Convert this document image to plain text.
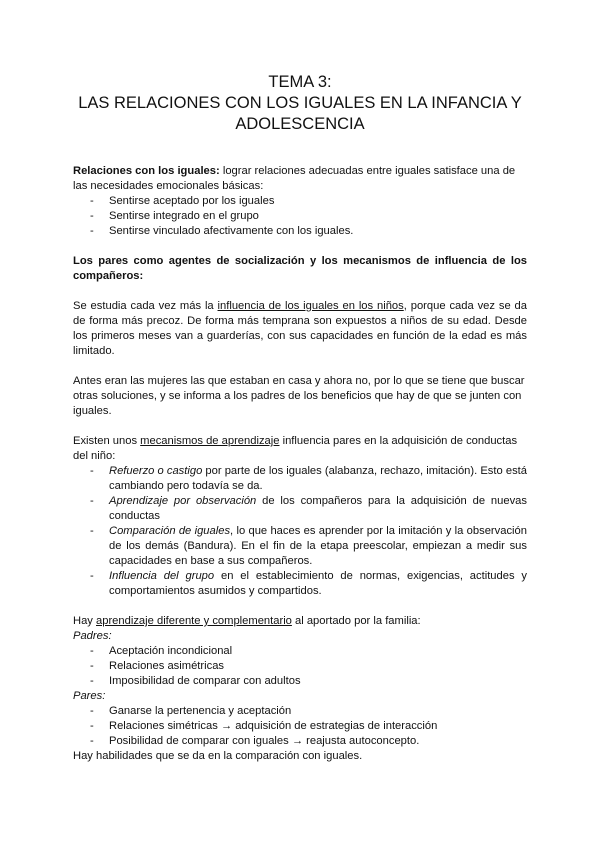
TEMA 3:
LAS RELACIONES CON LOS IGUALES EN LA INFANCIA Y
ADOLESCENCIA

Relaciones con los iguales: lograr relaciones adecuadas entre iguales satisface una de las necesidades emocionales básicas:

- Sentirse aceptado por los iguales
- Sentirse integrado en el grupo
- Sentirse vinculado afectivamente con los iguales.

Los pares como agentes de socialización y los mecanismos de influencia de los compañeros:

Se estudia cada vez más la influencia de los iguales en los niños, porque cada vez se da de forma más precoz. De forma más temprana son expuestos a niños de su edad. Desde los primeros meses van a guarderías, con sus capacidades en función de la edad es más limitado.

Antes eran las mujeres las que estaban en casa y ahora no, por lo que se tiene que buscar otras soluciones, y se informa a los padres de los beneficios que hay de que se junten con iguales.

Existen unos mecanismos de aprendizaje influencia pares en la adquisición de conductas del niño:

- Refuerzo o castigo por parte de los iguales (alabanza, rechazo, imitación). Esto está cambiando pero todavía se da.
- Aprendizaje por observación de los compañeros para la adquisición de nuevas conductas
- Comparación de iguales, lo que haces es aprender por la imitación y la observación de los demás (Bandura). En el fin de la etapa preescolar, empiezan a medir sus capacidades en base a sus compañeros.
- Influencia del grupo en el establecimiento de normas, exigencias, actitudes y comportamientos asumidos y compartidos.

Hay aprendizaje diferente y complementario al aportado por la familia:

Padres:

- Aceptación incondicional
- Relaciones asimétricas
- Imposibilidad de comparar con adultos

Pares:

- Ganarse la pertenencia y aceptación
- Relaciones simétricas → adquisición de estrategias de interacción
- Posibilidad de comparar con iguales → reajusta autoconcepto.

Hay habilidades que se da en la comparación con iguales.
